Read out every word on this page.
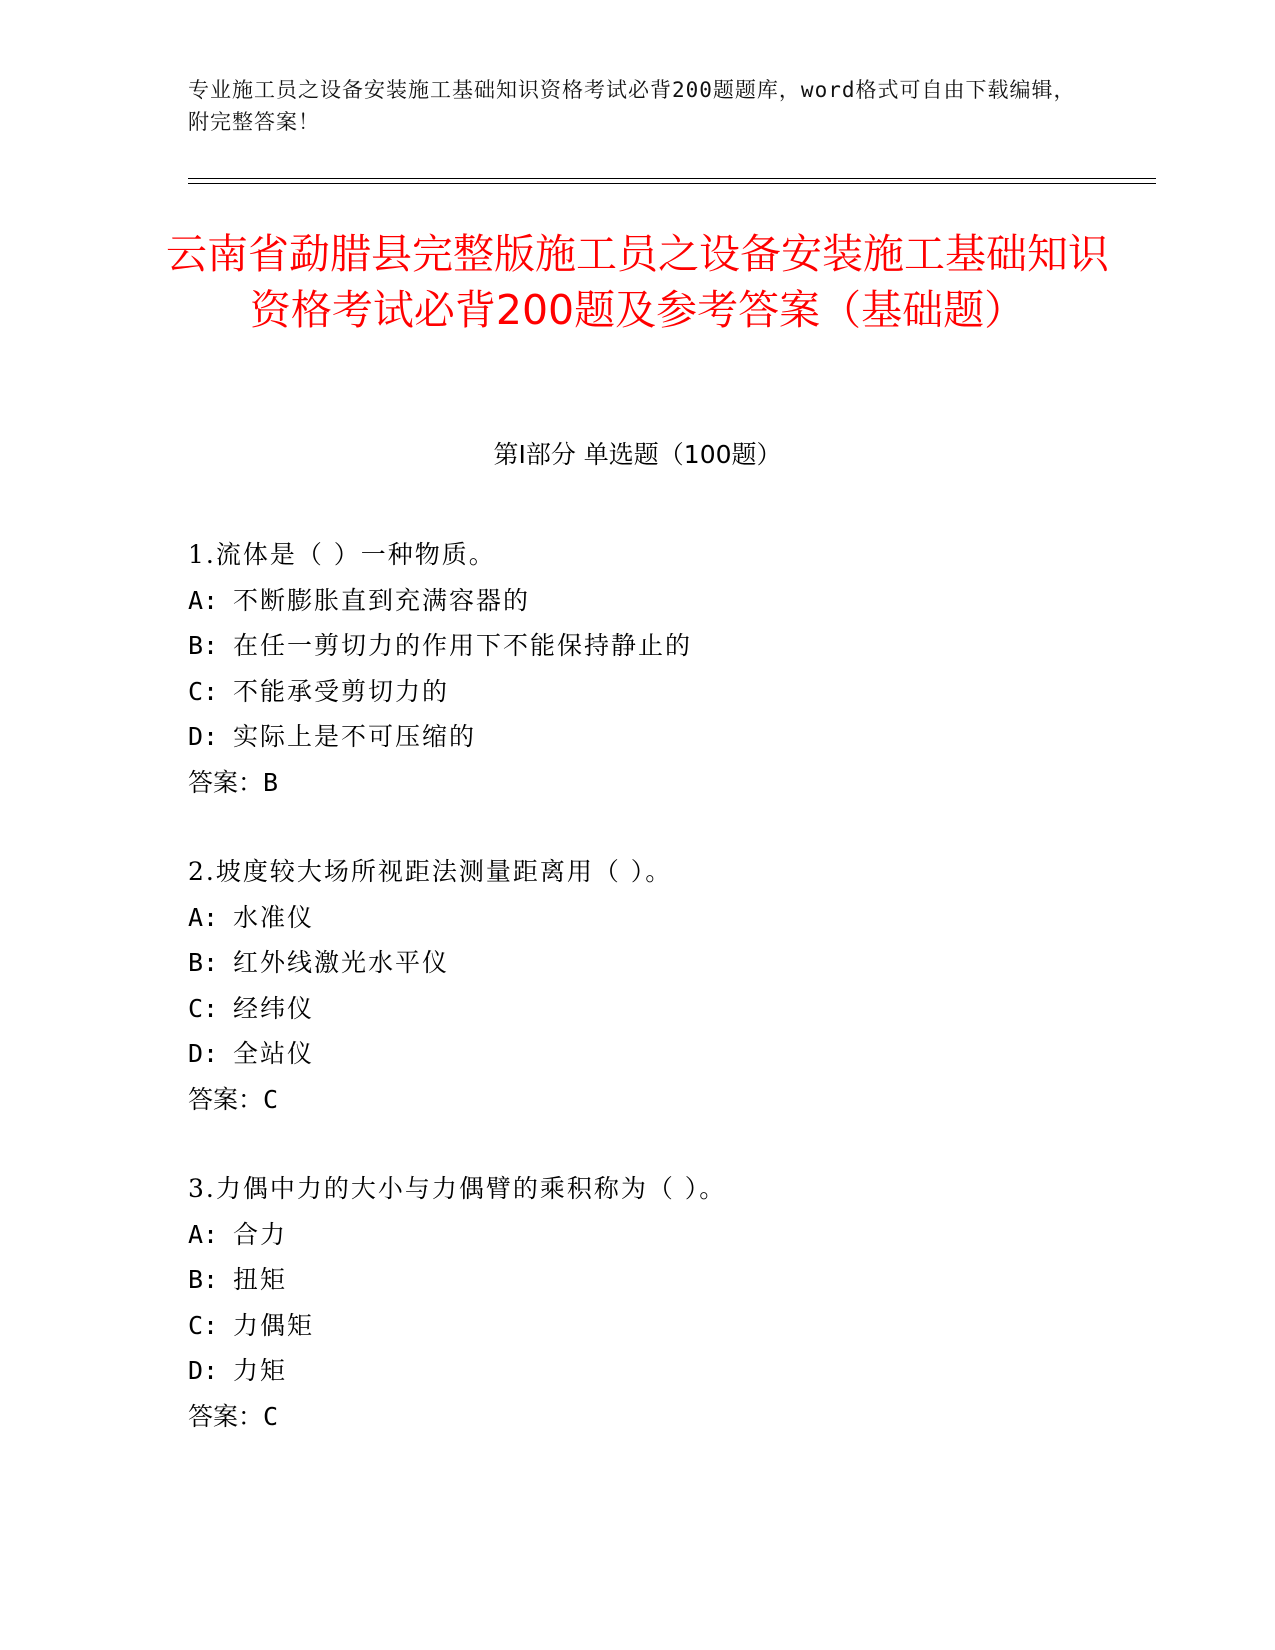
专业施工员之设备安装施工基础知识资格考试必背200题题库，word格式可自由下载编辑，附完整答案！
云南省勐腊县完整版施工员之设备安装施工基础知识资格考试必背200题及参考答案（基础题）
第I部分 单选题（100题）
1.流体是（ ）一种物质。
A: 不断膨胀直到充满容器的
B: 在任一剪切力的作用下不能保持静止的
C: 不能承受剪切力的
D: 实际上是不可压缩的
答案：B
2.坡度较大场所视距法测量距离用（ ）。
A: 水准仪
B: 红外线激光水平仪
C: 经纬仪
D: 全站仪
答案：C
3.力偶中力的大小与力偶臂的乘积称为（ ）。
A: 合力
B: 扭矩
C: 力偶矩
D: 力矩
答案：C
